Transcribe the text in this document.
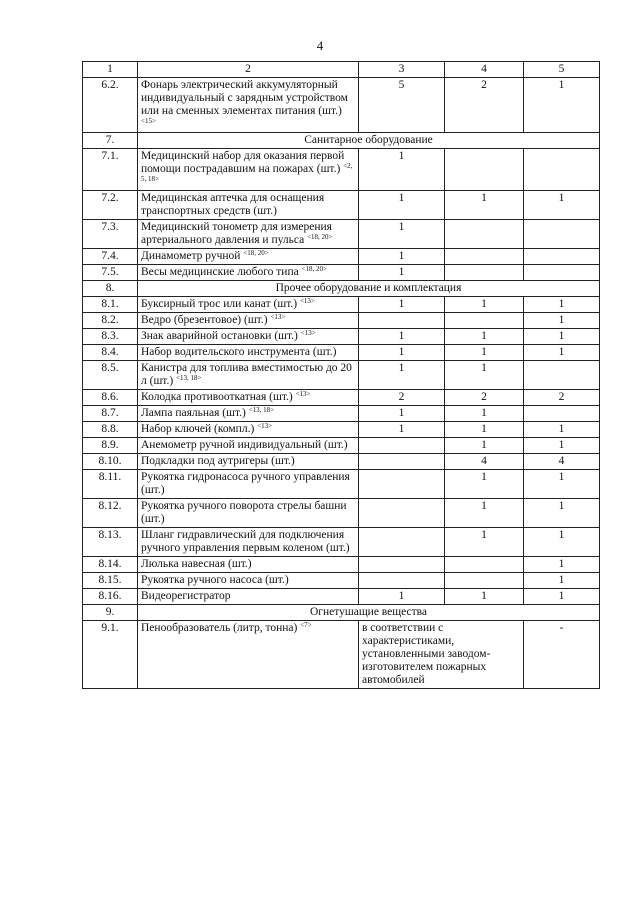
4
1	2	3	4	5
6.2.	Фонарь электрический аккумуляторный индивидуальный с зарядным устройством или на сменных элементах питания (шт.) $^{<15>}$	5	2	1
7.	Санитарное оборудование			
7.1.	Медицинский набор для оказания первой помощи пострадавшим на пожарах (шт.) $^{<2, 5, 18>}$	1		
7.2.	Медицинская аптечка для оснащения транспортных средств (шт.)	1	1	1
7.3.	Медицинский тонометр для измерения артериального давления и пульса $^{<18, 20>}$	1		
7.4.	Динамометр ручной $^{<18, 20>}$	1		
7.5.	Весы медицинские любого типа $^{<18, 20>}$	1		
8.	Прочее оборудование и комплектация			
8.1.	Буксирный трос или канат (шт.) $^{<13>}$	1	1	1
8.2.	Ведро (брезентовое) (шт.) $^{<13>}$			1
8.3.	Знак аварийной остановки (шт.) $^{<13>}$	1	1	1
8.4.	Набор водительского инструмента (шт.)	1	1	1
8.5.	Канистра для топлива вместимостью до 20 л (шт.) $^{<13, 18>}$	1	1	
8.6.	Колодка противооткатная (шт.) $^{<13>}$	2	2	2
8.7.	Лампа паяльная (шт.) $^{<13, 18>}$	1	1	
8.8.	Набор ключей (компл.) $^{<13>}$	1	1	1
8.9.	Анемометр ручной индивидуальный (шт.)		1	1
8.10.	Подкладки под аутригеры (шт.)		4	4
8.11.	Рукоятка гидронасоса ручного управления (шт.)		1	1
8.12.	Рукоятка ручного поворота стрелы башни (шт.)		1	1
8.13.	Шланг гидравлический для подключения ручного управления первым коленом (шт.)		1	1
8.14.	Люлька навесная (шт.)			1
8.15.	Рукоятка ручного насоса (шт.)			1
8.16.	Видеорегистратор	1	1	1
9.	Огнетушащие вещества			
9.1.	Пенообразователь (литр, тонна) $^{<7>}$	в соответствии с характеристиками, установленными заводом-изготовителем пожарных автомобилей		-
